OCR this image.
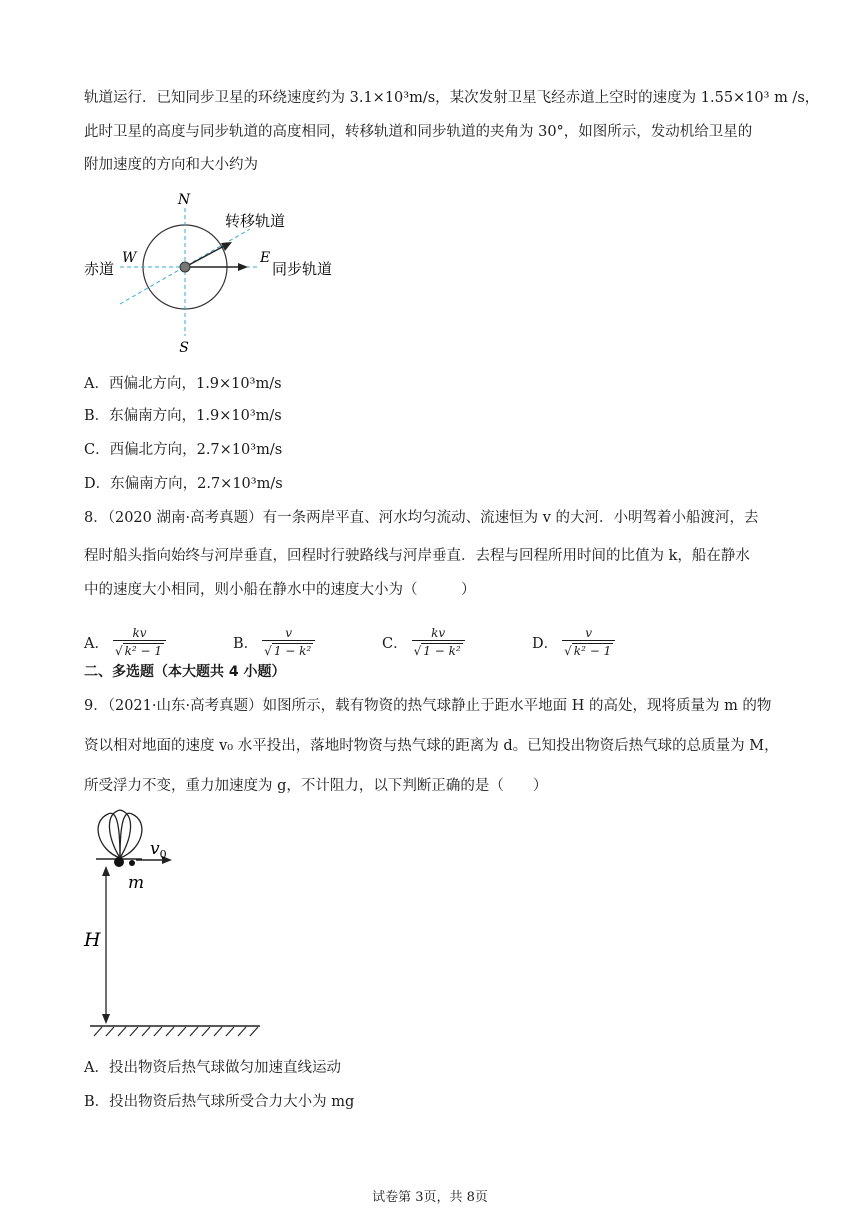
轨道运行．已知同步卫星的环绕速度约为 3.1×10³m/s，某次发射卫星飞经赤道上空时的速度为 1.55×10³ m /s，
此时卫星的高度与同步轨道的高度相同，转移轨道和同步轨道的夹角为 30°，如图所示，发动机给卫星的
附加速度的方向和大小约为
N
S
W	E
转移轨道
赤道	同步轨道
A．西偏北方向，1.9×10³m/s
B．东偏南方向，1.9×10³m/s
C．西偏北方向，2.7×10³m/s
D．东偏南方向，2.7×10³m/s
8．（2020 湖南·高考真题）有一条两岸平直、河水均匀流动、流速恒为 v 的大河．小明驾着小船渡河，去
程时船头指向始终与河岸垂直，回程时行驶路线与河岸垂直．去程与回程所用时间的比值为 k，船在静水
中的速度大小相同，则小船在静水中的速度大小为（　　　）
A． $\frac{kv}{\text{√ k² − 1}}$	B． $\frac{v}{\text{√ 1 − k²}}$	C． $\frac{kv}{\text{√ 1 − k²}}$	D． $\frac{v}{\text{√ k² − 1}}$
二、多选题（本大题共 4 小题）
9．（2021·山东·高考真题）如图所示，载有物资的热气球静止于距水平地面 H 的高处，现将质量为 m 的物
资以相对地面的速度 v₀ 水平投出，落地时物资与热气球的距离为 d。已知投出物资后热气球的总质量为 M，
所受浮力不变，重力加速度为 g，不计阻力，以下判断正确的是（　　）
$v_0$
m
H
A．投出物资后热气球做匀加速直线运动
B．投出物资后热气球所受合力大小为 mg
试卷第 3页，共 8页
